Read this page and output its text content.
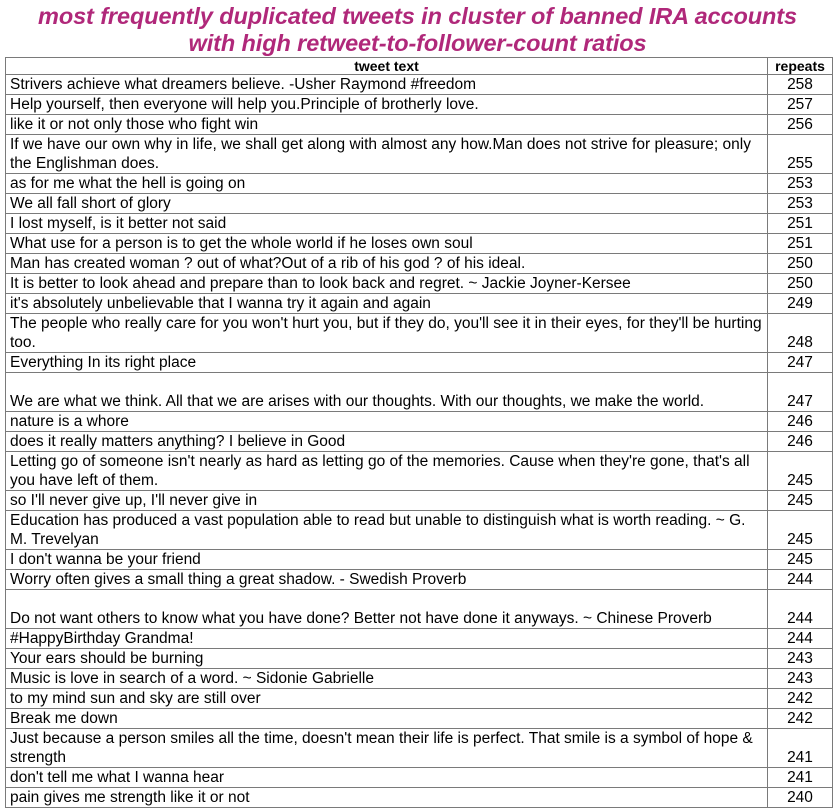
most frequently duplicated tweets in cluster of banned IRA accounts
with high retweet-to-follower-count ratios
tweet text	repeats
Strivers achieve what dreamers believe. -Usher Raymond #freedom	258
Help yourself, then everyone will help you.Principle of brotherly love.	257
like it or not only those who fight win	256
If we have our own why in life, we shall get along with almost any how.Man does not strive for pleasure; only the Englishman does.	255
as for me what the hell is going on	253
We all fall short of glory	253
I lost myself, is it better not said	251
What use for a person is to get the whole world if he loses own soul	251
Man has created woman ? out of what?Out of a rib of his god ? of his ideal.	250
It is better to look ahead and prepare than to look back and regret. ~ Jackie Joyner-Kersee	250
it's absolutely unbelievable that I wanna try it again and again	249
The people who really care for you won't hurt you, but if they do, you'll see it in their eyes, for they'll be hurting too.	248
Everything In its right place	247
We are what we think. All that we are arises with our thoughts. With our thoughts, we make the world.	247
nature is a whore	246
does it really matters anything? I believe in Good	246
Letting go of someone isn't nearly as hard as letting go of the memories. Cause when they're gone, that's all you have left of them.	245
so I'll never give up, I'll never give in	245
Education has produced a vast population able to read but unable to distinguish what is worth reading. ~ G. M. Trevelyan	245
I don't wanna be your friend	245
Worry often gives a small thing a great shadow. - Swedish Proverb	244
Do not want others to know what you have done? Better not have done it anyways. ~ Chinese Proverb	244
#HappyBirthday Grandma!	244
Your ears should be burning	243
Music is love in search of a word. ~ Sidonie Gabrielle	243
to my mind sun and sky are still over	242
Break me down	242
Just because a person smiles all the time, doesn't mean their life is perfect. That smile is a symbol of hope & strength	241
don't tell me what I wanna hear	241
pain gives me strength like it or not	240
